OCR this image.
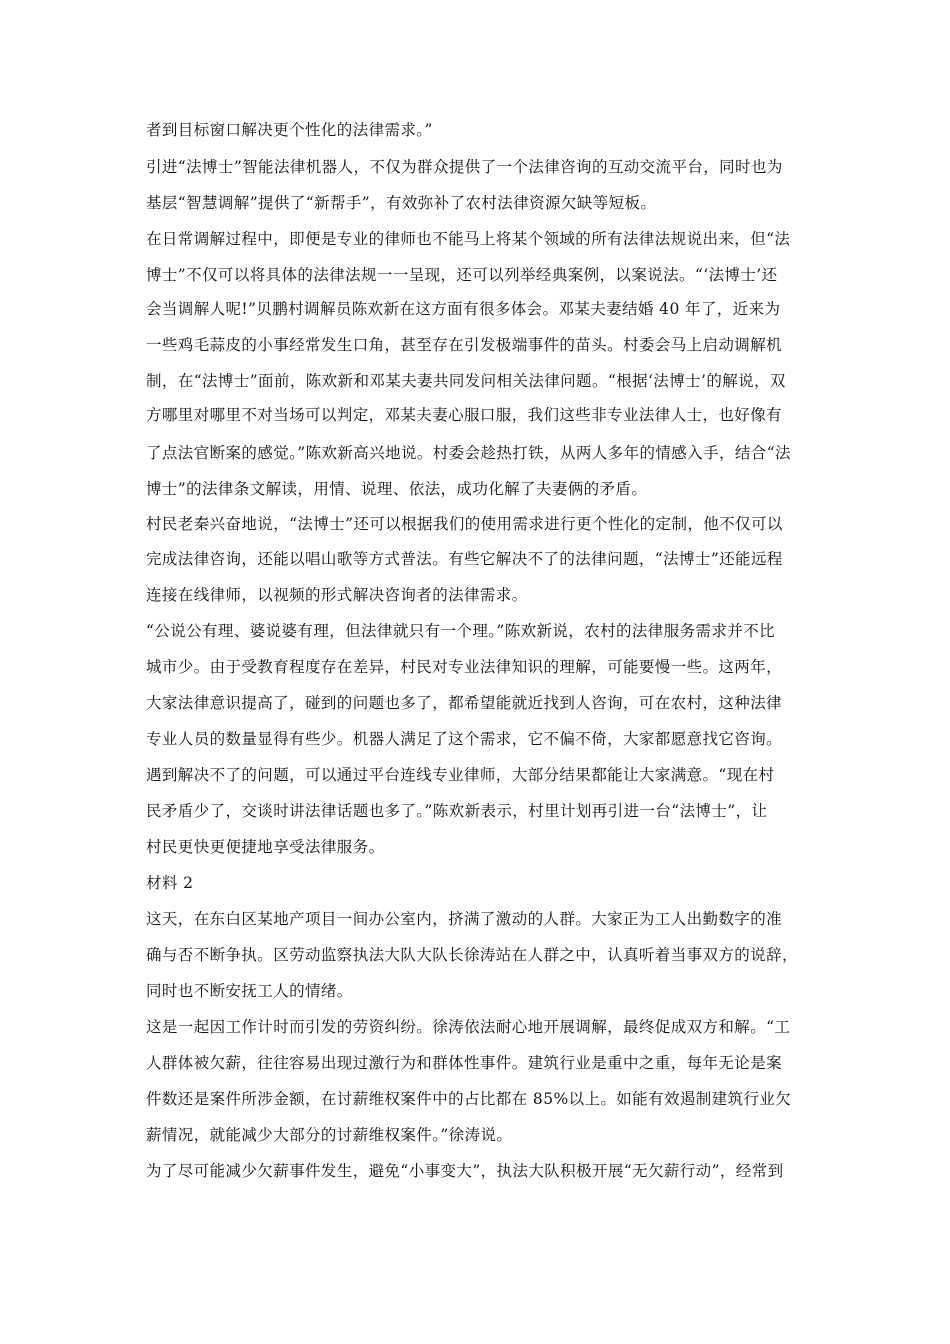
者到目标窗口解决更个性化的法律需求。”
引进“法博士”智能法律机器人，不仅为群众提供了一个法律咨询的互动交流平台，同时也为
基层“智慧调解”提供了“新帮手”，有效弥补了农村法律资源欠缺等短板。
在日常调解过程中，即便是专业的律师也不能马上将某个领域的所有法律法规说出来，但“法
博士”不仅可以将具体的法律法规一一呈现，还可以列举经典案例，以案说法。“‘法博士’还
会当调解人呢!”贝鹏村调解员陈欢新在这方面有很多体会。邓某夫妻结婚 40 年了，近来为
一些鸡毛蒜皮的小事经常发生口角，甚至存在引发极端事件的苗头。村委会马上启动调解机
制，在“法博士”面前，陈欢新和邓某夫妻共同发问相关法律问题。“根据‘法博士’的解说，双
方哪里对哪里不对当场可以判定，邓某夫妻心服口服，我们这些非专业法律人士，也好像有
了点法官断案的感觉。”陈欢新高兴地说。村委会趁热打铁，从两人多年的情感入手，结合“法
博士”的法律条文解读，用情、说理、依法，成功化解了夫妻俩的矛盾。
村民老秦兴奋地说，“法博士”还可以根据我们的使用需求进行更个性化的定制，他不仅可以
完成法律咨询，还能以唱山歌等方式普法。有些它解决不了的法律问题，“法博士”还能远程
连接在线律师，以视频的形式解决咨询者的法律需求。
“公说公有理、婆说婆有理，但法律就只有一个理。”陈欢新说，农村的法律服务需求并不比
城市少。由于受教育程度存在差异，村民对专业法律知识的理解，可能要慢一些。这两年，
大家法律意识提高了，碰到的问题也多了，都希望能就近找到人咨询，可在农村，这种法律
专业人员的数量显得有些少。机器人满足了这个需求，它不偏不倚，大家都愿意找它咨询。
遇到解决不了的问题，可以通过平台连线专业律师，大部分结果都能让大家满意。“现在村
民矛盾少了，交谈时讲法律话题也多了。”陈欢新表示，村里计划再引进一台“法博士”，让
村民更快更便捷地享受法律服务。
材料 2
这天，在东白区某地产项目一间办公室内，挤满了激动的人群。大家正为工人出勤数字的准
确与否不断争执。区劳动监察执法大队大队长徐涛站在人群之中，认真听着当事双方的说辞，
同时也不断安抚工人的情绪。
这是一起因工作计时而引发的劳资纠纷。徐涛依法耐心地开展调解，最终促成双方和解。“工
人群体被欠薪，往往容易出现过激行为和群体性事件。建筑行业是重中之重，每年无论是案
件数还是案件所涉金额，在讨薪维权案件中的占比都在 85%以上。如能有效遏制建筑行业欠
薪情况，就能减少大部分的讨薪维权案件。”徐涛说。
为了尽可能减少欠薪事件发生，避免“小事变大”，执法大队积极开展“无欠薪行动”，经常到
